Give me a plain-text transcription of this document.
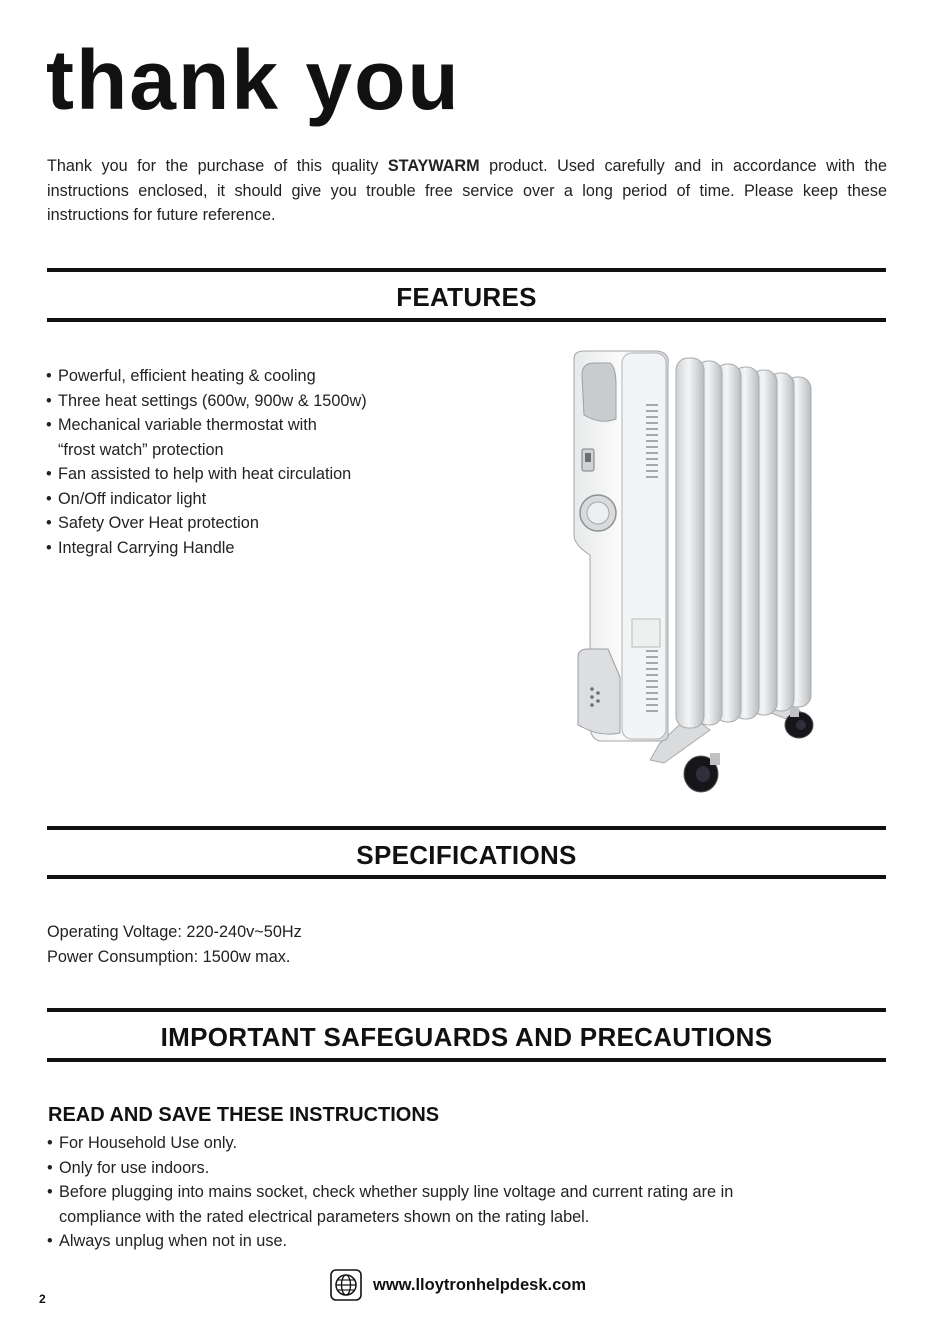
thank you

Thank you for the purchase of this quality STAYWARM product. Used carefully and in accordance with the instructions enclosed, it should give you trouble free service over a long period of time. Please keep these instructions for future reference.

FEATURES
• Powerful, efficient heating & cooling
• Three heat settings (600w, 900w & 1500w)
• Mechanical variable thermostat with
“frost watch” protection
• Fan assisted to help with heat circulation
• On/Off indicator light
• Safety Over Heat protection
• Integral Carrying Handle
SPECIFICATIONS

Operating Voltage: 220-240v~50Hz

Power Consumption: 1500w max.

IMPORTANT SAFEGUARDS AND PRECAUTIONS
READ AND SAVE THESE INSTRUCTIONS
• For Household Use only.
• Only for use indoors.
• Before plugging into mains socket, check whether supply line voltage and current rating are in
compliance with the rated electrical parameters shown on the rating label.
• Always unplug when not in use.
www.lloytronhelpdesk.com
2
